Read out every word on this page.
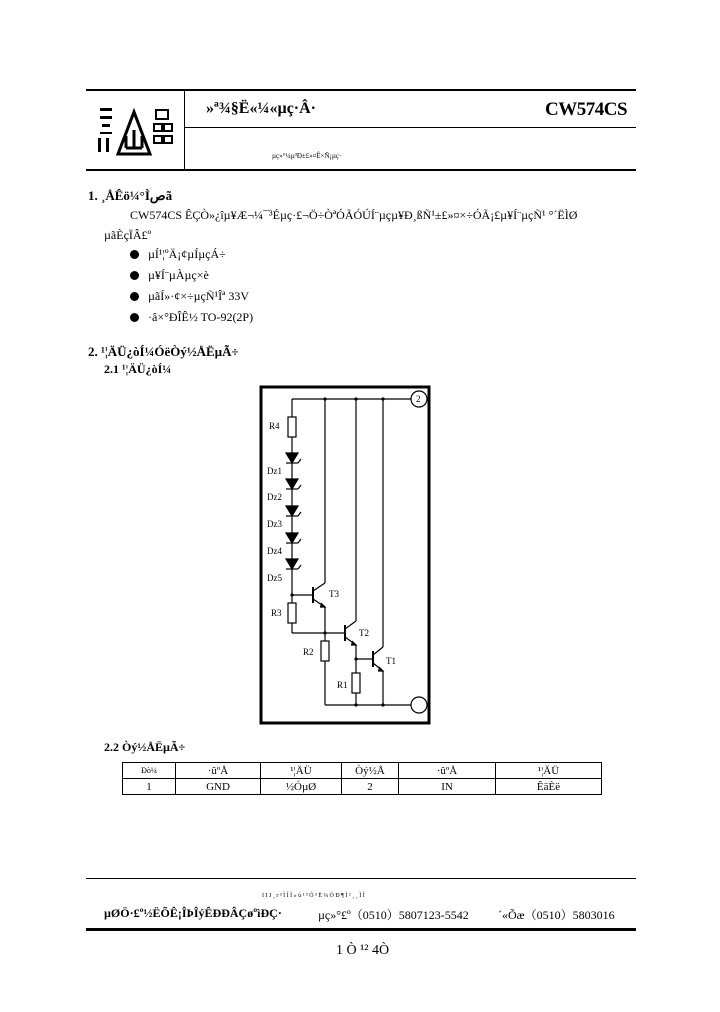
»ª¾§Ë«¼«µç·Â·	CW574CS
µç»°¼µ³Ð±£»¤Ê×Ñ¡µç·
1. ¸ÅÊö¼°Ìصã
CW574CS ÊÇÒ»¿îµ¥Æ¬¼¯³Éµç·£¬Ö÷ÒªÓÃÓÚÍ¨µçµ¥Ð¸ßÑ¹±£»¤×÷ÓÃ¡£µ¥Í¨µçÑ¹ °´ËÌØ
µãÈçÏÂ£º
µÍ¹¦ºÄ¡¢µÍµçÁ÷
µ¥Í¨µÀµç×è
µãÍ»·¢×÷µçÑ¹Îª 33V
·â×°ÐÎÊ½ TO-92(2P)
2. ¹¦ÄÜ¿òÍ¼ÓëÒý½ÅËµÃ÷
2.1 ¹¦ÄÜ¿òÍ¼
2
R4
Dz1
Dz2
Dz3
Dz4
Dz5
R3
T3
R2
T2
R1
T1
2.2 Òý½ÅËµÃ÷
Ðò¼	·ûºÅ	¹¦ÄÜ	Òý½Å	·ûºÅ	¹¦ÄÜ
1	GND	½ÓµØ	2	IN	ÊäÈë
I I J ¸ r ³ Ì Ì Ì » ú ¹ ³ Ó ³ Ë ¼ Ó Ð ¶ Ì ² ¸ ¸ Ì Ì
µØÖ·£º½ËÕÊ¡ÎÞÎýÊÐÐÂÇøºìÐÇ·	µç»°£º（0510）5807123-5542 ´«Õæ（0510）5803016
1 Ò ¹² 4Ò
